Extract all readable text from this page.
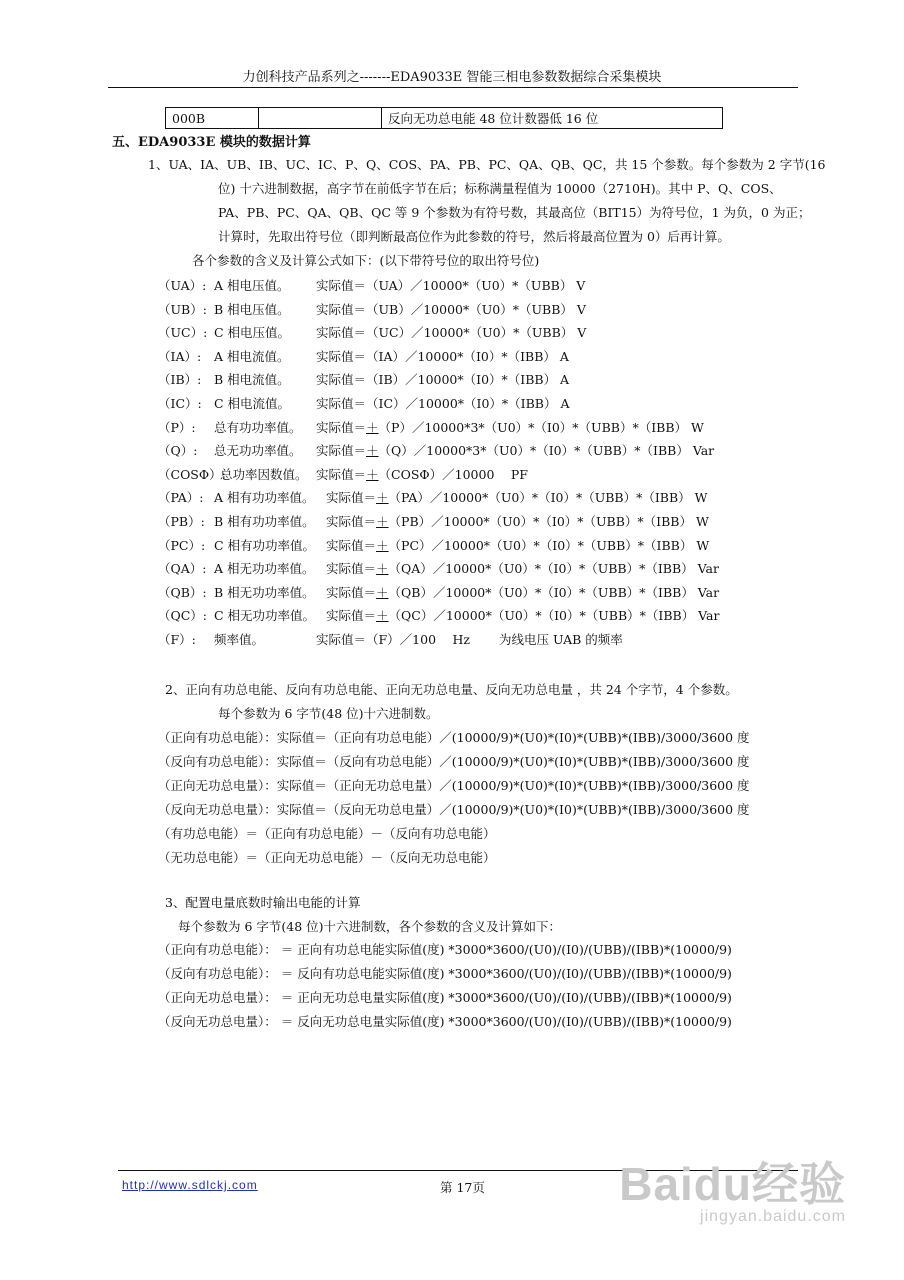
力创科技产品系列之-------EDA9033E 智能三相电参数数据综合采集模块
000B		反向无功总电能 48 位计数器低 16 位
五、EDA9033E 模块的数据计算
1、UA、IA、UB、IB、UC、IC、P、Q、COS、PA、PB、PC、QA、QB、QC，共 15 个参数。每个参数为 2 字节(16
位) 十六进制数据，高字节在前低字节在后；标称满量程值为 10000（2710H)。其中 P、Q、COS、
PA、PB、PC、QA、QB、QC 等 9 个参数为有符号数，其最高位（BIT15）为符号位，1 为负，0 为正；
计算时，先取出符号位（即判断最高位作为此参数的符号，然后将最高位置为 0）后再计算。
各个参数的含义及计算公式如下：(以下带符号位的取出符号位)
（UA）: A 相电压值。 实际值＝（UA）／10000*（U0）*（UBB） V
（UB）: B 相电压值。 实际值＝（UB）／10000*（U0）*（UBB） V
（UC）: C 相电压值。 实际值＝（UC）／10000*（U0）*（UBB） V
（IA）: A 相电流值。 实际值＝（IA）／10000*（I0）*（IBB） A
（IB）: B 相电流值。 实际值＝（IB）／10000*（I0）*（IBB） A
（IC）: C 相电流值。 实际值＝（IC）／10000*（I0）*（IBB） A
（P）: 总有功功率值。 实际值＝＋（P）／10000*3*（U0）*（I0）*（UBB）*（IBB） W
（Q）: 总无功功率值。 实际值＝＋（Q）／10000*3*（U0）*（I0）*（UBB）*（IBB） Var
（COSΦ）:总功率因数值。 实际值＝＋（COSΦ）／10000　 PF
（PA）: A 相有功功率值。 实际值＝＋（PA）／10000*（U0）*（I0）*（UBB）*（IBB） W
（PB）: B 相有功功率值。 实际值＝＋（PB）／10000*（U0）*（I0）*（UBB）*（IBB） W
（PC）: C 相有功功率值。 实际值＝＋（PC）／10000*（U0）*（I0）*（UBB）*（IBB） W
（QA）: A 相无功功率值。 实际值＝＋（QA）／10000*（U0）*（I0）*（UBB）*（IBB） Var
（QB）: B 相无功功率值。 实际值＝＋（QB）／10000*（U0）*（I0）*（UBB）*（IBB） Var
（QC）: C 相无功功率值。 实际值＝＋（QC）／10000*（U0）*（I0）*（UBB）*（IBB） Var
（F）: 频率值。	实际值＝（F）／100　 Hz　　 为线电压 UAB 的频率
2、正向有功总电能、反向有功总电能、正向无功总电量、反向无功总电量 ，共 24 个字节，4 个参数。
每个参数为 6 字节(48 位)十六进制数。
（正向有功总电能）：实际值＝（正向有功总电能）／(10000/9)*(U0)*(I0)*(UBB)*(IBB)/3000/3600 度
（反向有功总电能）：实际值＝（反向有功总电能）／(10000/9)*(U0)*(I0)*(UBB)*(IBB)/3000/3600 度
（正向无功总电量）：实际值＝（正向无功总电量）／(10000/9)*(U0)*(I0)*(UBB)*(IBB)/3000/3600 度
（反向无功总电量）：实际值＝（反向无功总电量）／(10000/9)*(U0)*(I0)*(UBB)*(IBB)/3000/3600 度
（有功总电能）＝（正向有功总电能）－（反向有功总电能）
（无功总电能）＝（正向无功总电能）－（反向无功总电能）
3、配置电量底数时输出电能的计算
每个参数为 6 字节(48 位)十六进制数，各个参数的含义及计算如下：
（正向有功总电能）： ＝ 正向有功总电能实际值(度) *3000*3600/(U0)/(I0)/(UBB)/(IBB)*(10000/9)
（反向有功总电能）： ＝ 反向有功总电能实际值(度) *3000*3600/(U0)/(I0)/(UBB)/(IBB)*(10000/9)
（正向无功总电量）： ＝ 正向无功总电量实际值(度) *3000*3600/(U0)/(I0)/(UBB)/(IBB)*(10000/9)
（反向无功总电量）： ＝ 反向无功总电量实际值(度) *3000*3600/(U0)/(I0)/(UBB)/(IBB)*(10000/9)
http://www.sdlckj.com	第 17页	Baidu经验
jingyan.baidu.com
